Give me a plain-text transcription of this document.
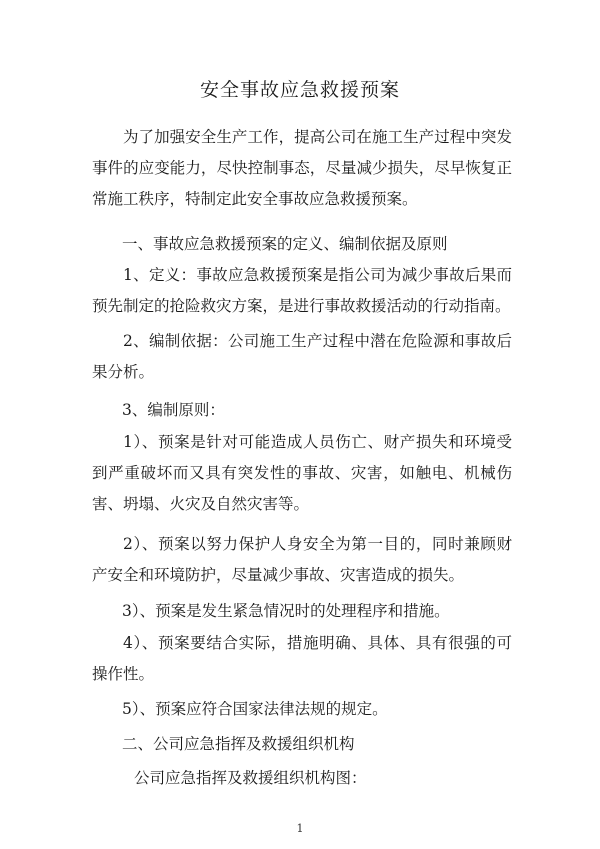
安全事故应急救援预案

为了加强安全生产工作，提高公司在施工生产过程中突发事件的应变能力，尽快控制事态，尽量减少损失，尽早恢复正常施工秩序，特制定此安全事故应急救援预案。

一、事故应急救援预案的定义、编制依据及原则

1、定义：事故应急救援预案是指公司为减少事故后果而预先制定的抢险救灾方案，是进行事故救援活动的行动指南。

2、编制依据：公司施工生产过程中潜在危险源和事故后果分析。

3、编制原则：

1）、预案是针对可能造成人员伤亡、财产损失和环境受到严重破坏而又具有突发性的事故、灾害，如触电、机械伤害、坍塌、火灾及自然灾害等。

2）、预案以努力保护人身安全为第一目的，同时兼顾财产安全和环境防护，尽量减少事故、灾害造成的损失。

3）、预案是发生紧急情况时的处理程序和措施。

4）、预案要结合实际，措施明确、具体、具有很强的可操作性。

5）、预案应符合国家法律法规的规定。

二、公司应急指挥及救援组织机构

公司应急指挥及救援组织机构图：

1
